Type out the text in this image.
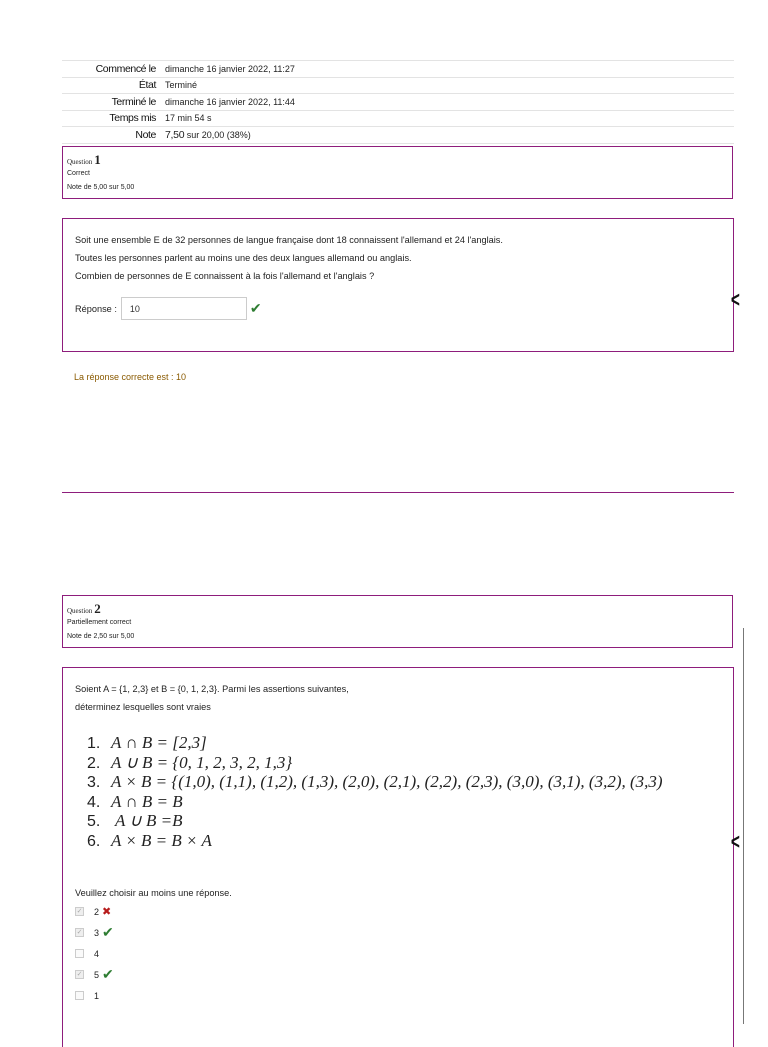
Commencé le	dimanche 16 janvier 2022, 11:27
État	Terminé
Terminé le	dimanche 16 janvier 2022, 11:44
Temps mis	17 min 54 s
Note 7,50 sur 20,00 (38%)
Question 1
Correct
Note de 5,00 sur 5,00
Soit une ensemble E de 32 personnes de langue française dont 18 connaissent l'allemand et 24 l'anglais.
Toutes les personnes parlent au moins une des deux langues allemand ou anglais.
Combien de personnes de E connaissent à la fois l'allemand et l'anglais ?
Réponse :	10	✔
La réponse correcte est : 10
<
Question 2
Partiellement correct
Note de 2,50 sur 5,00
Soient A = {1, 2,3} et B = {0, 1, 2,3}. Parmi les assertions suivantes,
déterminez lesquelles sont vraies
1. A ∩ B = [2,3]
2. A ∪ B = {0, 1, 2, 3, 2, 1,3}
3. A × B = {(1,0), (1,1), (1,2), (1,3), (2,0), (2,1), (2,2), (2,3), (3,0), (3,1), (3,2), (3,3)
4. A ∩ B = B
5. A ∪ B =B
6. A × B = B × A
Veuillez choisir au moins une réponse.
✓ 2 ✖
✓ 3 ✔
4
✓ 5 ✔
1
<
